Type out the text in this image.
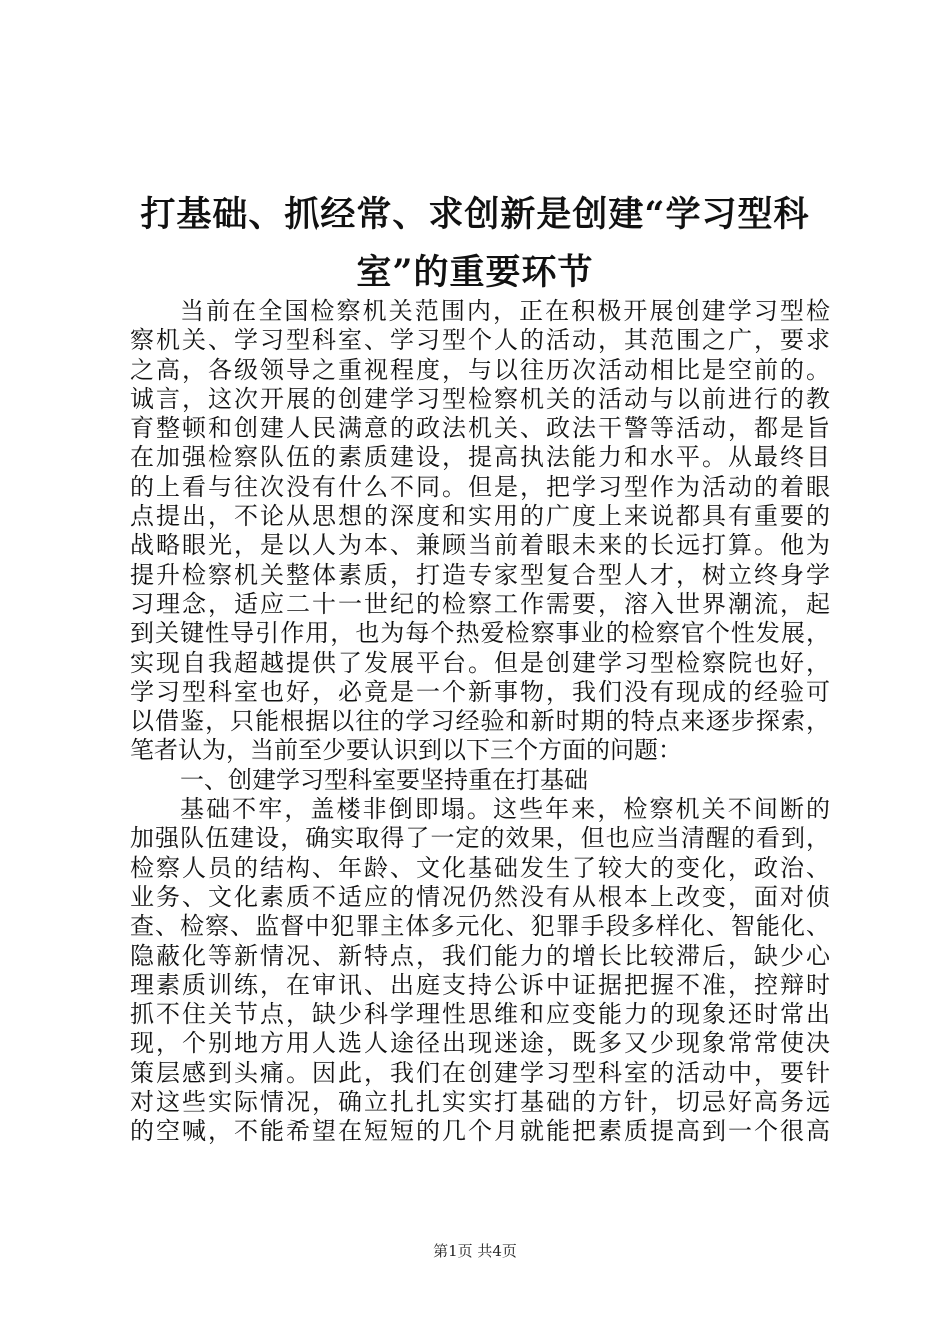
打基础、抓经常、求创新是创建“学习型科
室”的重要环节
当前在全国检察机关范围内，正在积极开展创建学习型检
察机关、学习型科室、学习型个人的活动，其范围之广，要求
之高，各级领导之重视程度，与以往历次活动相比是空前的。
诚言，这次开展的创建学习型检察机关的活动与以前进行的教
育整顿和创建人民满意的政法机关、政法干警等活动，都是旨
在加强检察队伍的素质建设，提高执法能力和水平。从最终目
的上看与往次没有什么不同。但是，把学习型作为活动的着眼
点提出，不论从思想的深度和实用的广度上来说都具有重要的
战略眼光，是以人为本、兼顾当前着眼未来的长远打算。他为
提升检察机关整体素质，打造专家型复合型人才，树立终身学
习理念，适应二十一世纪的检察工作需要，溶入世界潮流，起
到关键性导引作用，也为每个热爱检察事业的检察官个性发展，
实现自我超越提供了发展平台。但是创建学习型检察院也好，
学习型科室也好，必竟是一个新事物，我们没有现成的经验可
以借鉴，只能根据以往的学习经验和新时期的特点来逐步探索，
笔者认为，当前至少要认识到以下三个方面的问题：
一、创建学习型科室要坚持重在打基础
基础不牢，盖楼非倒即塌。这些年来，检察机关不间断的
加强队伍建设，确实取得了一定的效果，但也应当清醒的看到，
检察人员的结构、年龄、文化基础发生了较大的变化，政治、
业务、文化素质不适应的情况仍然没有从根本上改变，面对侦
查、检察、监督中犯罪主体多元化、犯罪手段多样化、智能化、
隐蔽化等新情况、新特点，我们能力的增长比较滞后，缺少心
理素质训练，在审讯、出庭支持公诉中证据把握不准，控辩时
抓不住关节点，缺少科学理性思维和应变能力的现象还时常出
现，个别地方用人选人途径出现迷途，既多又少现象常常使决
策层感到头痛。因此，我们在创建学习型科室的活动中，要针
对这些实际情况，确立扎扎实实打基础的方针，切忌好高务远
的空喊，不能希望在短短的几个月就能把素质提高到一个很高
第1页 共4页
